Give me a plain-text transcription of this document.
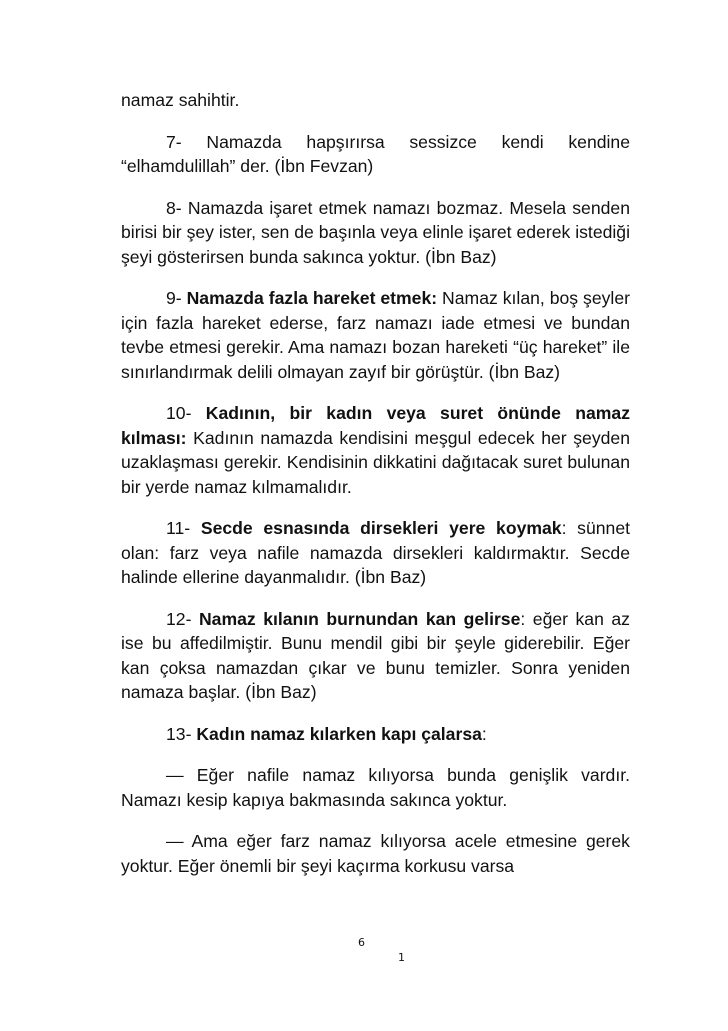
namaz sahihtir.

7- Namazda hapşırırsa sessizce kendi kendine “elhamdulillah” der. (İbn Fevzan)

8- Namazda işaret etmek namazı bozmaz. Mesela senden birisi bir şey ister, sen de başınla veya elinle işaret ederek istediği şeyi gösterirsen bunda sakınca yoktur. (İbn Baz)

9- Namazda fazla hareket etmek: Namaz kılan, boş şeyler için fazla hareket ederse, farz namazı iade etmesi ve bundan tevbe etmesi gerekir. Ama namazı bozan hareketi “üç hareket” ile sınırlandırmak delili olmayan zayıf bir görüştür. (İbn Baz)

10- Kadının, bir kadın veya suret önünde namaz kılması: Kadının namazda kendisini meşgul edecek her şeyden uzaklaşması gerekir. Kendisinin dikkatini dağıtacak suret bulunan bir yerde namaz kılmamalıdır.

11- Secde esnasında dirsekleri yere koymak: sünnet olan: farz veya nafile namazda dirsekleri kaldırmaktır. Secde halinde ellerine dayanmalıdır. (İbn Baz)

12- Namaz kılanın burnundan kan gelirse: eğer kan az ise bu affedilmiştir. Bunu mendil gibi bir şeyle giderebilir. Eğer kan çoksa namazdan çıkar ve bunu temizler. Sonra yeniden namaza başlar. (İbn Baz)

13- Kadın namaz kılarken kapı çalarsa:

— Eğer nafile namaz kılıyorsa bunda genişlik vardır. Namazı kesip kapıya bakmasında sakınca yoktur.

— Ama eğer farz namaz kılıyorsa acele etmesine gerek yoktur. Eğer önemli bir şeyi kaçırma korkusu varsa

6
1
